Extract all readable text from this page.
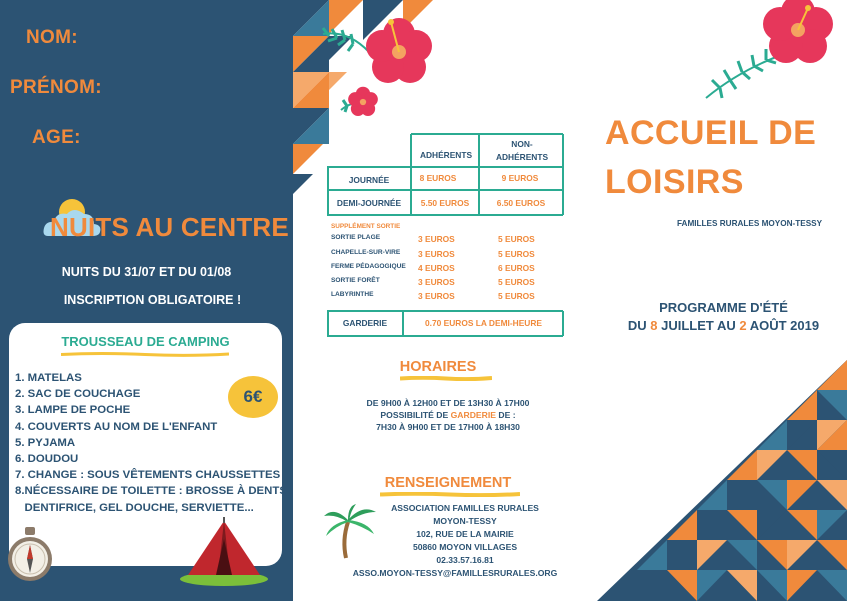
NOM:
PRÉNOM:
AGE:
NUITS AU CENTRE
NUITS DU 31/07 ET DU 01/08
INSCRIPTION OBLIGATOIRE !
TROUSSEAU DE CAMPING
1. MATELAS
2. SAC DE COUCHAGE
3. LAMPE DE POCHE
4. COUVERTS AU NOM DE L'ENFANT
5. PYJAMA
6. DOUDOU
7. CHANGE : SOUS VÊTEMENTS CHAUSSETTES
8.NÉCESSAIRE DE TOILETTE : BROSSE À DENTS,
DENTIFRICE, GEL DOUCHE, SERVIETTE...
6€
ADHÉRENTS
NON-
ADHÉRENTS
JOURNÉE	8 EUROS	9 EUROS
DEMI-JOURNÉE	5.50 EUROS	6.50 EUROS
SUPPLÉMENT SORTIE
SORTIE PLAGE	3 EUROS	5 EUROS
CHAPELLE-SUR-VIRE 3 EUROS	5 EUROS
FERME PÉDAGOGIQUE 4 EUROS	6 EUROS
SORTIE FORÊT	3 EUROS	5 EUROS
LABYRINTHE	3 EUROS	5 EUROS
GARDERIE	0.70 EUROS LA DEMI-HEURE
HORAIRES
DE 9H00 À 12H00 ET DE 13H30 À 17H00
POSSIBILITÉ DE GARDERIE DE :
7H30 À 9H00 ET DE 17H00 À 18H30
RENSEIGNEMENT
ASSOCIATION FAMILLES RURALES
MOYON-TESSY
102, RUE DE LA MAIRIE
50860 MOYON VILLAGES
02.33.57.16.81
ASSO.MOYON-TESSY@FAMILLESRURALES.ORG
ACCUEIL DE
LOISIRS
FAMILLES RURALES MOYON-TESSY
PROGRAMME D'ÉTÉ
DU 8 JUILLET AU 2 AOÛT 2019
